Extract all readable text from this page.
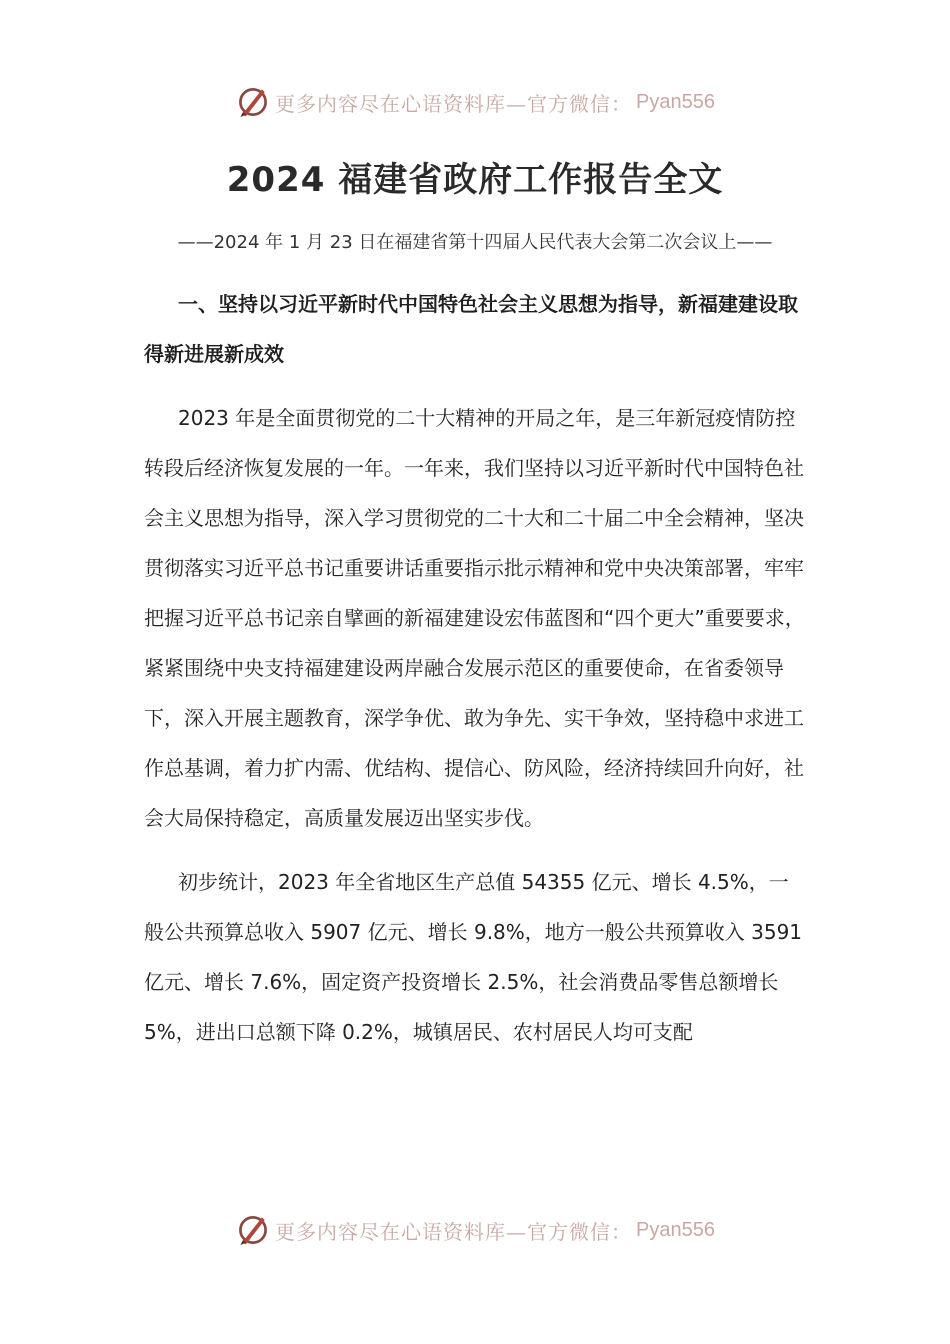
更多内容尽在心语资料库—官方微信： Pyan556
2024 福建省政府工作报告全文
——2024 年 1 月 23 日在福建省第十四届人民代表大会第二次会议上——

一、坚持以习近平新时代中国特色社会主义思想为指导，新福建建设取得新进展新成效

2023 年是全面贯彻党的二十大精神的开局之年，是三年新冠疫情防控转段后经济恢复发展的一年。一年来，我们坚持以习近平新时代中国特色社会主义思想为指导，深入学习贯彻党的二十大和二十届二中全会精神，坚决贯彻落实习近平总书记重要讲话重要指示批示精神和党中央决策部署，牢牢把握习近平总书记亲自擘画的新福建建设宏伟蓝图和“四个更大”重要要求，紧紧围绕中央支持福建建设两岸融合发展示范区的重要使命，在省委领导下，深入开展主题教育，深学争优、敢为争先、实干争效，坚持稳中求进工作总基调，着力扩内需、优结构、提信心、防风险，经济持续回升向好，社会大局保持稳定，高质量发展迈出坚实步伐。

初步统计，2023 年全省地区生产总值 54355 亿元、增长 4.5%，一般公共预算总收入 5907 亿元、增长 9.8%，地方一般公共预算收入 3591 亿元、增长 7.6%，固定资产投资增长 2.5%，社会消费品零售总额增长 5%，进出口总额下降 0.2%，城镇居民、农村居民人均可支配

更多内容尽在心语资料库—官方微信： Pyan556
